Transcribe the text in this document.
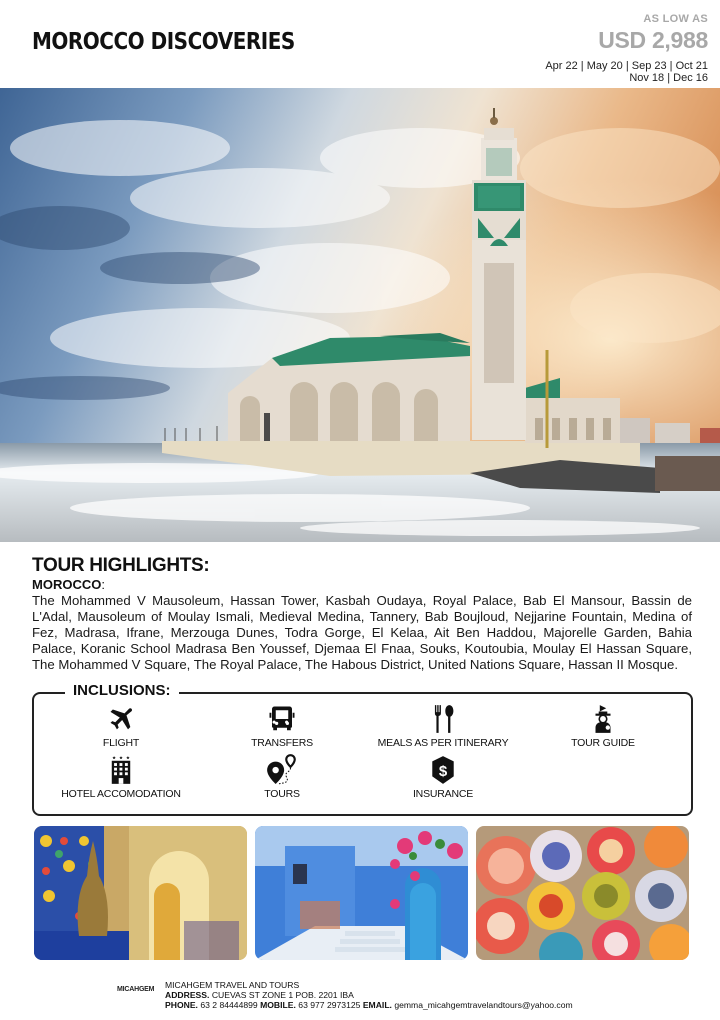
MOROCCO DISCOVERIES
AS LOW AS
USD 2,988
Apr 22 | May 20 | Sep 23 | Oct 21
Nov 18 | Dec 16
TOUR HIGHLIGHTS:
MOROCCO:
The Mohammed V Mausoleum, Hassan Tower, Kasbah Oudaya, Royal Palace, Bab El Mansour, Bassin de L'Adal, Mausoleum of Moulay Ismali, Medieval Medina, Tannery, Bab Boujloud, Nejjarine Fountain, Medina of Fez, Madrasa, Ifrane, Merzouga Dunes, Todra Gorge, El Kelaa, Ait Ben Haddou, Majorelle Garden, Bahia Palace, Koranic School Madrasa Ben Youssef, Djemaa El Fnaa, Souks, Koutoubia, Moulay El Hassan Square, The Mohammed V Square, The Royal Palace, The Habous District, United Nations Square, Hassan II Mosque.
INCLUSIONS:
FLIGHT	TRANSFERS	MEALS AS PER ITINERARY	TOUR GUIDE
HOTEL ACCOMODATION	TOURS
$
INSURANCE
MICAHGEM MICAHGEM TRAVEL AND TOURS
ADDRESS. CUEVAS ST ZONE 1 POB. 2201 IBA
PHONE. 63 2 84444899 MOBILE. 63 977 2973125 EMAIL. gemma_micahgemtravelandtours@yahoo.com
